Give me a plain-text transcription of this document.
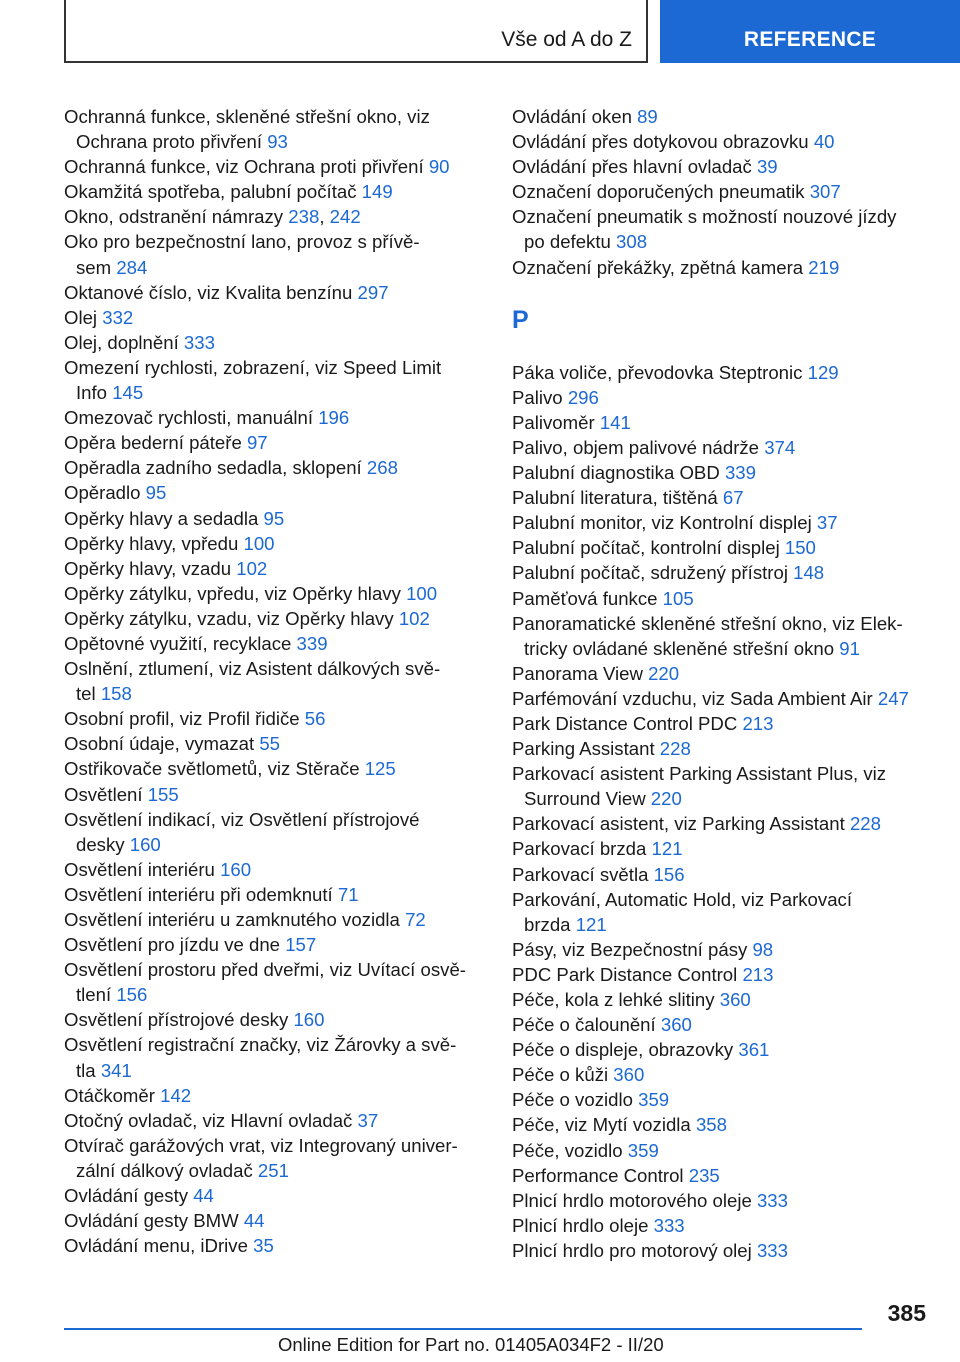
Vše od A do Z	REFERENCE
Ochranná funkce, skleněné střešní okno, viz
Ochrana proto přivření 93
Ochranná funkce, viz Ochrana proti přivření 90
Okamžitá spotřeba, palubní počítač 149
Okno, odstranění námrazy 238, 242
Oko pro bezpečnostní lano, provoz s přívě-
sem 284
Oktanové číslo, viz Kvalita benzínu 297
Olej 332
Olej, doplnění 333
Omezení rychlosti, zobrazení, viz Speed Limit
Info 145
Omezovač rychlosti, manuální 196
Opěra bederní páteře 97
Opěradla zadního sedadla, sklopení 268
Opěradlo 95
Opěrky hlavy a sedadla 95
Opěrky hlavy, vpředu 100
Opěrky hlavy, vzadu 102
Opěrky zátylku, vpředu, viz Opěrky hlavy 100
Opěrky zátylku, vzadu, viz Opěrky hlavy 102
Opětovné využití, recyklace 339
Oslnění, ztlumení, viz Asistent dálkových svě-
tel 158
Osobní profil, viz Profil řidiče 56
Osobní údaje, vymazat 55
Ostřikovače světlometů, viz Stěrače 125
Osvětlení 155
Osvětlení indikací, viz Osvětlení přístrojové
desky 160
Osvětlení interiéru 160
Osvětlení interiéru při odemknutí 71
Osvětlení interiéru u zamknutého vozidla 72
Osvětlení pro jízdu ve dne 157
Osvětlení prostoru před dveřmi, viz Uvítací osvě-
tlení 156
Osvětlení přístrojové desky 160
Osvětlení registrační značky, viz Žárovky a svě-
tla 341
Otáčkoměr 142
Otočný ovladač, viz Hlavní ovladač 37
Otvírač garážových vrat, viz Integrovaný univer-
zální dálkový ovladač 251
Ovládání gesty 44
Ovládání gesty BMW 44
Ovládání menu, iDrive 35
Ovládání oken 89
Ovládání přes dotykovou obrazovku 40
Ovládání přes hlavní ovladač 39
Označení doporučených pneumatik 307
Označení pneumatik s možností nouzové jízdy
po defektu 308
Označení překážky, zpětná kamera 219
P
Páka voliče, převodovka Steptronic 129
Palivo 296
Palivoměr 141
Palivo, objem palivové nádrže 374
Palubní diagnostika OBD 339
Palubní literatura, tištěná 67
Palubní monitor, viz Kontrolní displej 37
Palubní počítač, kontrolní displej 150
Palubní počítač, sdružený přístroj 148
Paměťová funkce 105
Panoramatické skleněné střešní okno, viz Elek-
tricky ovládané skleněné střešní okno 91
Panorama View 220
Parfémování vzduchu, viz Sada Ambient Air 247
Park Distance Control PDC 213
Parking Assistant 228
Parkovací asistent Parking Assistant Plus, viz
Surround View 220
Parkovací asistent, viz Parking Assistant 228
Parkovací brzda 121
Parkovací světla 156
Parkování, Automatic Hold, viz Parkovací
brzda 121
Pásy, viz Bezpečnostní pásy 98
PDC Park Distance Control 213
Péče, kola z lehké slitiny 360
Péče o čalounění 360
Péče o displeje, obrazovky 361
Péče o kůži 360
Péče o vozidlo 359
Péče, viz Mytí vozidla 358
Péče, vozidlo 359
Performance Control 235
Plnicí hrdlo motorového oleje 333
Plnicí hrdlo oleje 333
Plnicí hrdlo pro motorový olej 333
385
Online Edition for Part no. 01405A034F2 - II/20
